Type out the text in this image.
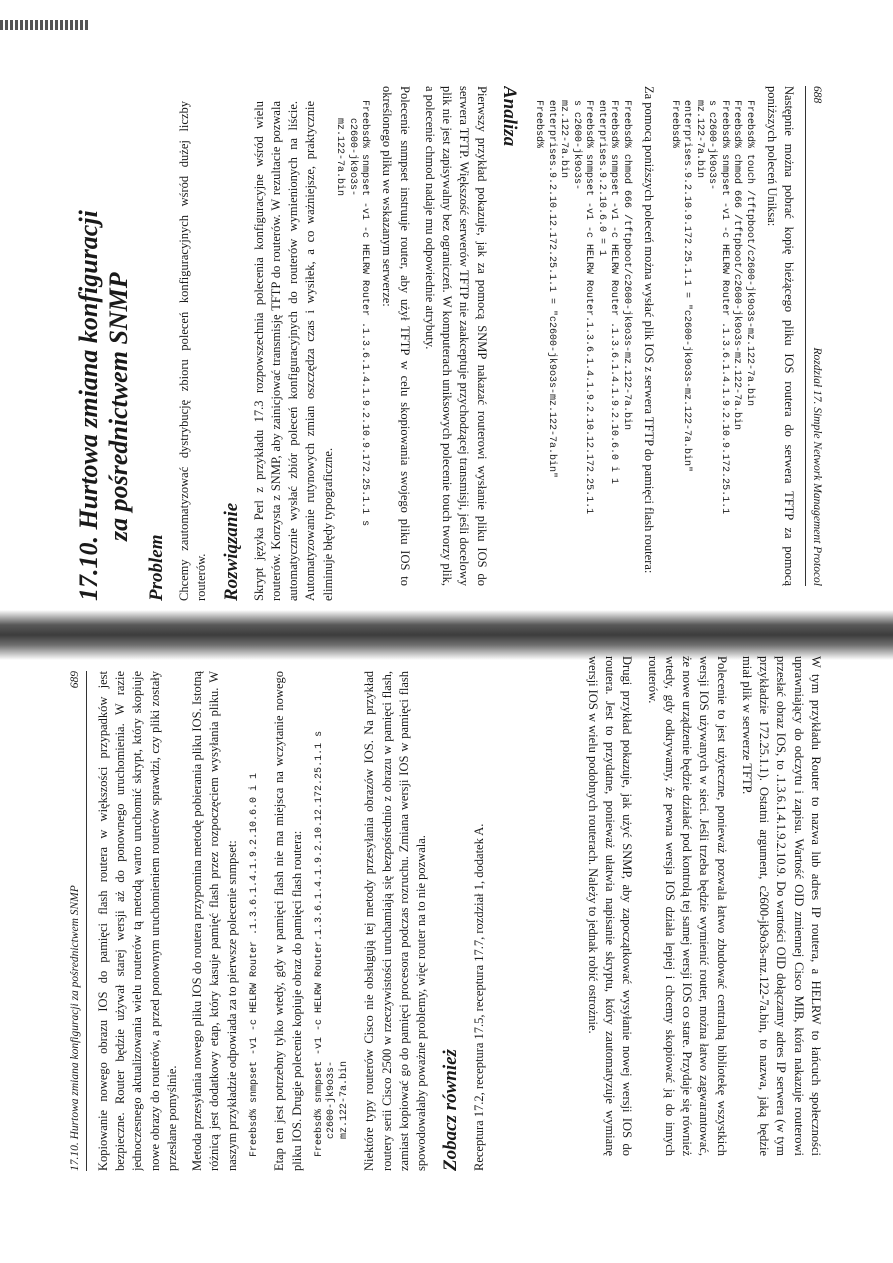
688
Rozdział 17. Simple Network Management Protocol

Następnie można pobrać kopię bieżącego pliku IOS routera do serwera TFTP za pomocą poniższych poleceń Uniksa:

Freebsd% touch /tftpboot/c2600-jk9o3s-mz.122-7a.bin
Freebsd% chmod 666 /tftpboot/c2600-jk9o3s-mz.122-7a.bin
Freebsd% snmpset -v1 -c HELRW Router .1.3.6.1.4.1.9.2.10.9.172.25.1.1
s c2600-jk9o3s-
mz.122-7a.bin
enterprises.9.2.10.9.172.25.1.1 = "c2600-jk9o3s-mz.122-7a.bin"
Freebsd%

Za pomocą poniższych poleceń można wysłać plik IOS z serwera TFTP do pamięci flash routera:

Freebsd% chmod 666 /tftpboot/c2600-jk9o3s-mz.122-7a.bin
Freebsd% snmpset -v1 -c HELRW Router .1.3.6.1.4.1.9.2.10.6.0 i 1
enterprises.9.2.10.6.0 = 1
Freebsd% snmpset -v1 -c HELRW Router.1.3.6.1.4.1.9.2.10.12.172.25.1.1
s c2600-jk9o3s-
mz.122-7a.bin
enterprises.9.2.10.12.172.25.1.1 = "c2600-jk9o3s-mz.122-7a.bin"
Freebsd%
Analiza

Pierwszy przykład pokazuje, jak za pomocą SNMP nakazać routerowi wysłanie pliku IOS do serwera TFTP. Większość serwerów TFTP nie zaakceptuje przychodzącej transmisji, jeśli docelowy plik nie jest zapisywalny bez ograniczeń. W komputerach uniksowych polecenie touch tworzy plik, a polecenie chmod nadaje mu odpowiednie atrybuty.

Polecenie snmpset instruuje router, aby użył TFTP w celu skopiowania swojego pliku IOS to określonego pliku we wskazanym serwerze:

Freebsd% snmpset -v1 -c HELRW Router .1.3.6.1.4.1.9.2.10.9.172.25.1.1 s
c2600-jk9o3s-
mz.122-7a.bin

W tym przykładu Router to nazwa lub adres IP routera, a HELRW to łańcuch społeczności uprawniający do odczytu i zapisu. Wartość OID zmiennej Cisco MIB, która nakazuje routerowi przesłać obraz IOS, to .1.3.6.1.4.1.9.2.10.9. Do wartości OID dołączamy adres IP serwera (w tym przykładzie 172.25.1.1). Ostatni argument, c2600-jk9o3s-mz.122-7a.bin, to nazwa, jaką będzie miał plik w serwerze TFTP.

Polecenie to jest użyteczne, ponieważ pozwala łatwo zbudować centralną bibliotekę wszystkich wersji IOS używanych w sieci. Jeśli trzeba będzie wymienić router, można łatwo zagwarantować, że nowe urządzenie będzie działać pod kontrolą tej samej wersji IOS co stare. Przydaje się również wtedy, gdy odkrywamy, że pewna wersja IOS działa lepiej i chcemy skopiować ją do innych routerów.

Drugi przykład pokazuje, jak użyć SNMP, aby zapoczątkować wysyłanie nowej wersji IOS do routera. Jest to przydatne, ponieważ ułatwia napisanie skryptu, który zautomatyzuje wymianę wersji IOS w wielu podobnych routerach. Należy to jednak robić ostrożnie.

17.10. Hurtowa zmiana konfiguracji za pośrednictwem SNMP
689 Kopiowanie nowego obrazu IOS do pamięci flash routera w większości przypadków jest bezpieczne. Router będzie używał starej wersji aż do ponownego uruchomienia. W razie jednoczesnego aktualizowania wielu routerów tą metodą warto uruchomić skrypt, który skopiuje nowe obrazy do routerów, a przed ponownym uruchomieniem routerów sprawdzi, czy pliki zostały przesłane pomyślnie. Metoda przesyłania nowego pliku IOS do routera przypomina metodę pobierania pliku IOS. Istotną różnicą jest dodatkowy etap, który kasuje pamięć flash przez rozpoczęciem wysyłania pliku. W naszym przykładzie odpowiada za to pierwsze polecenie snmpset: Freebsd% snmpset -v1 -c HELRW Router .1.3.6.1.4.1.9.2.10.6.0 i 1 Etap ten jest potrzebny tylko wtedy, gdy w pamięci flash nie ma miejsca na wczytanie nowego pliku IOS. Drugie polecenie kopiuje obraz do pamięci flash routera: Freebsd% snmpset -v1 -c HELRW Router.1.3.6.1.4.1.9.2.10.12.172.25.1.1 s c2600-jk9o3s- mz.122-7a.bin Niektóre typy routerów Cisco nie obsługują tej metody przesyłania obrazów IOS. Na przykład routery serii Cisco 2500 w rzeczywistości uruchamiają się bezpośrednio z obrazu w pamięci flash, zamiast kopiować go do pamięci procesora podczas rozruchu. Zmiana wersji IOS w pamięci flash spowodowałaby poważne problemy, więc router na to nie pozwala. Zobacz również Receptura 17.2, receptura 17.5, receptura 17.7, rozdział 1, dodatek A.

17.10. Hurtowa zmiana konfiguracji za pośrednictwem SNMP
Problem Chcemy zautomatyzować dystrybucję zbioru poleceń konfiguracyjnych wśród dużej liczby routerów. Rozwiązanie Skrypt języka Perl z przykładu 17.3 rozpowszechnia polecenia konfiguracyjne wśród wielu routerów. Korzysta z SNMP, aby zainicjować transmisję TFTP do routerów. W rezultacie pozwala automatycznie wysłać zbiór poleceń konfiguracyjnych do routerów wymienionych na liście. Automatyzowanie rutynowych zmian oszczędza czas i wysiłek, a co ważniejsze, praktycznie eliminuje błędy typograficzne.
